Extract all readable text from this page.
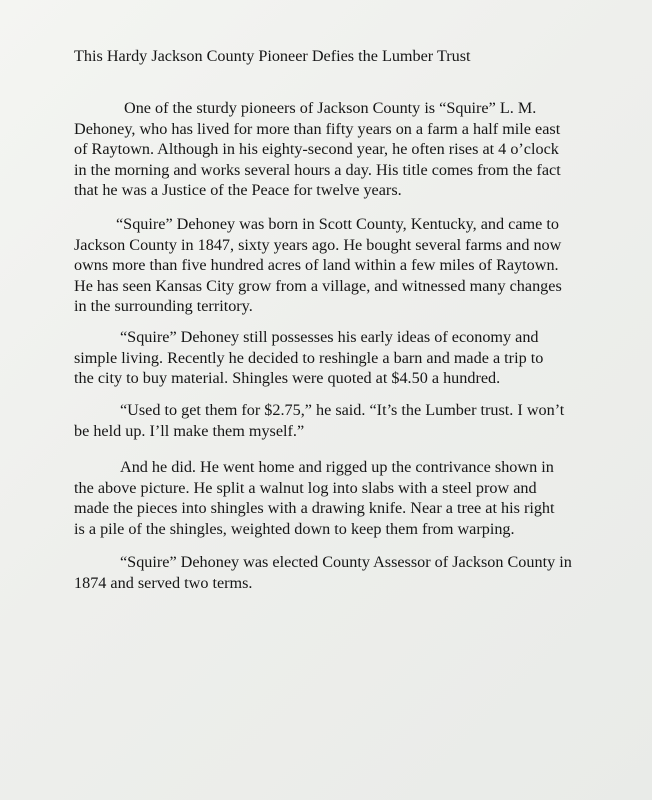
This Hardy Jackson County Pioneer Defies the Lumber Trust
One of the sturdy pioneers of Jackson County is “Squire” L. M.
Dehoney, who has lived for more than fifty years on a farm a half mile east
of Raytown. Although in his eighty-second year, he often rises at 4 o’clock
in the morning and works several hours a day. His title comes from the fact
that he was a Justice of the Peace for twelve years.
“Squire” Dehoney was born in Scott County, Kentucky, and came to
Jackson County in 1847, sixty years ago. He bought several farms and now
owns more than five hundred acres of land within a few miles of Raytown.
He has seen Kansas City grow from a village, and witnessed many changes
in the surrounding territory.
“Squire” Dehoney still possesses his early ideas of economy and
simple living. Recently he decided to reshingle a barn and made a trip to
the city to buy material. Shingles were quoted at $4.50 a hundred.
“Used to get them for $2.75,” he said. “It’s the Lumber trust. I won’t
be held up. I’ll make them myself.”
And he did. He went home and rigged up the contrivance shown in
the above picture. He split a walnut log into slabs with a steel prow and
made the pieces into shingles with a drawing knife. Near a tree at his right
is a pile of the shingles, weighted down to keep them from warping.
“Squire” Dehoney was elected County Assessor of Jackson County in
1874 and served two terms.
